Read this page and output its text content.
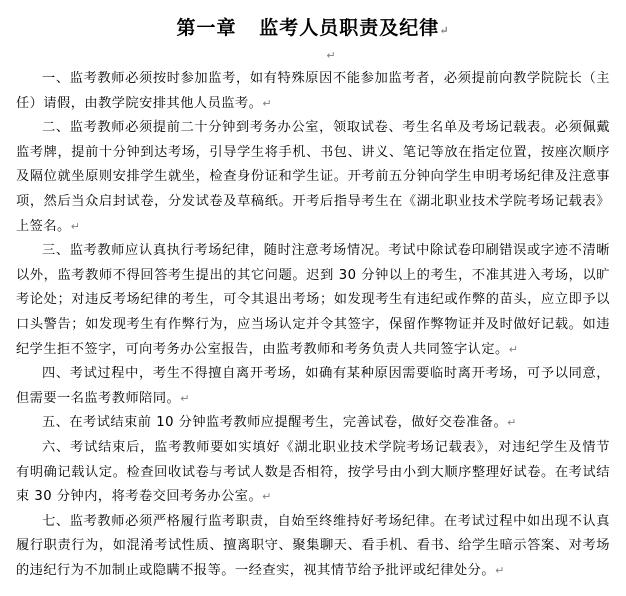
第一章   监考人员职责及纪律↵
↵

一、监考教师必须按时参加监考，如有特殊原因不能参加监考者，必须提前向教学院院长（主任）请假，由教学院安排其他人员监考。↵

二、监考教师必须提前二十分钟到考务办公室，领取试卷、考生名单及考场记载表。必须佩戴监考牌，提前十分钟到达考场，引导学生将手机、书包、讲义、笔记等放在指定位置，按座次顺序及隔位就坐原则安排学生就坐，检查身份证和学生证。开考前五分钟向学生申明考场纪律及注意事项，然后当众启封试卷，分发试卷及草稿纸。开考后指导考生在《湖北职业技术学院考场记载表》上签名。↵

三、监考教师应认真执行考场纪律，随时注意考场情况。考试中除试卷印刷错误或字迹不清晰以外，监考教师不得回答考生提出的其它问题。迟到 30 分钟以上的考生，不准其进入考场，以旷考论处；对违反考场纪律的考生，可令其退出考场；如发现考生有违纪或作弊的苗头，应立即予以口头警告；如发现考生有作弊行为，应当场认定并令其签字，保留作弊物证并及时做好记载。如违纪学生拒不签字，可向考务办公室报告，由监考教师和考务负责人共同签字认定。↵

四、考试过程中，考生不得擅自离开考场，如确有某种原因需要临时离开考场，可予以同意，但需要一名监考教师陪同。↵

五、在考试结束前 10 分钟监考教师应提醒考生，完善试卷，做好交卷准备。↵

六、考试结束后，监考教师要如实填好《湖北职业技术学院考场记载表》，对违纪学生及情节有明确记载认定。检查回收试卷与考试人数是否相符，按学号由小到大顺序整理好试卷。在考试结束 30 分钟内，将考卷交回考务办公室。↵

七、监考教师必须严格履行监考职责，自始至终维持好考场纪律。在考试过程中如出现不认真履行职责行为，如混淆考试性质、擅离职守、聚集聊天、看手机、看书、给学生暗示答案、对考场的违纪行为不加制止或隐瞒不报等。一经查实，视其情节给予批评或纪律处分。↵
